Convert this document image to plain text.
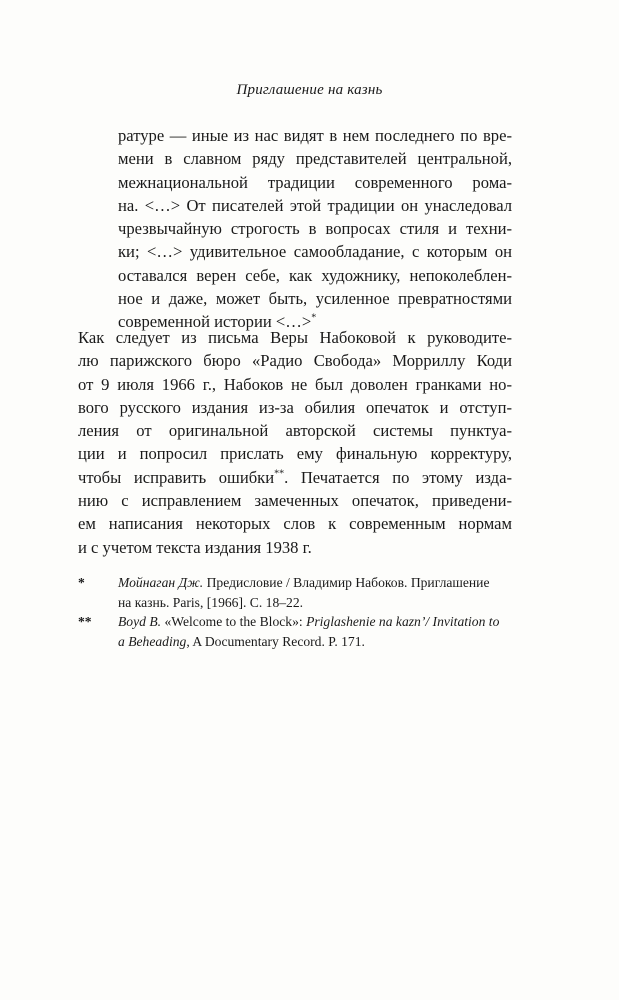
Приглашение на казнь
ратуре — иные из нас видят в нем последнего по вре-
мени в славном ряду представителей центральной,
межнациональной традиции современного рома-
на. <…> От писателей этой традиции он унаследовал
чрезвычайную строгость в вопросах стиля и техни-
ки; <…> удивительное самообладание, с которым он
оставался верен себе, как художнику, непоколеблен-
ное и даже, может быть, усиленное превратностями
современной истории <…>*
Как следует из письма Веры Набоковой к руководите-
лю парижского бюро «Радио Свобода» Морриллу Коди
от 9 июля 1966 г., Набоков не был доволен гранками но-
вого русского издания из-за обилия опечаток и отступ-
ления от оригинальной авторской системы пунктуа-
ции и попросил прислать ему финальную корректуру,
чтобы исправить ошибки**. Печатается по этому изда-
нию с исправлением замеченных опечаток, приведени-
ем написания некоторых слов к современным нормам
и с учетом текста издания 1938 г.
*	Мойнаган Дж. Предисловие / Владимир Набоков. Приглашение
на казнь. Paris, [1966]. С. 18–22.
**	Boyd B. «Welcome to the Block»: Priglashenie na kazn’/ Invitation to
a Beheading, A Documentary Record. P. 171.
